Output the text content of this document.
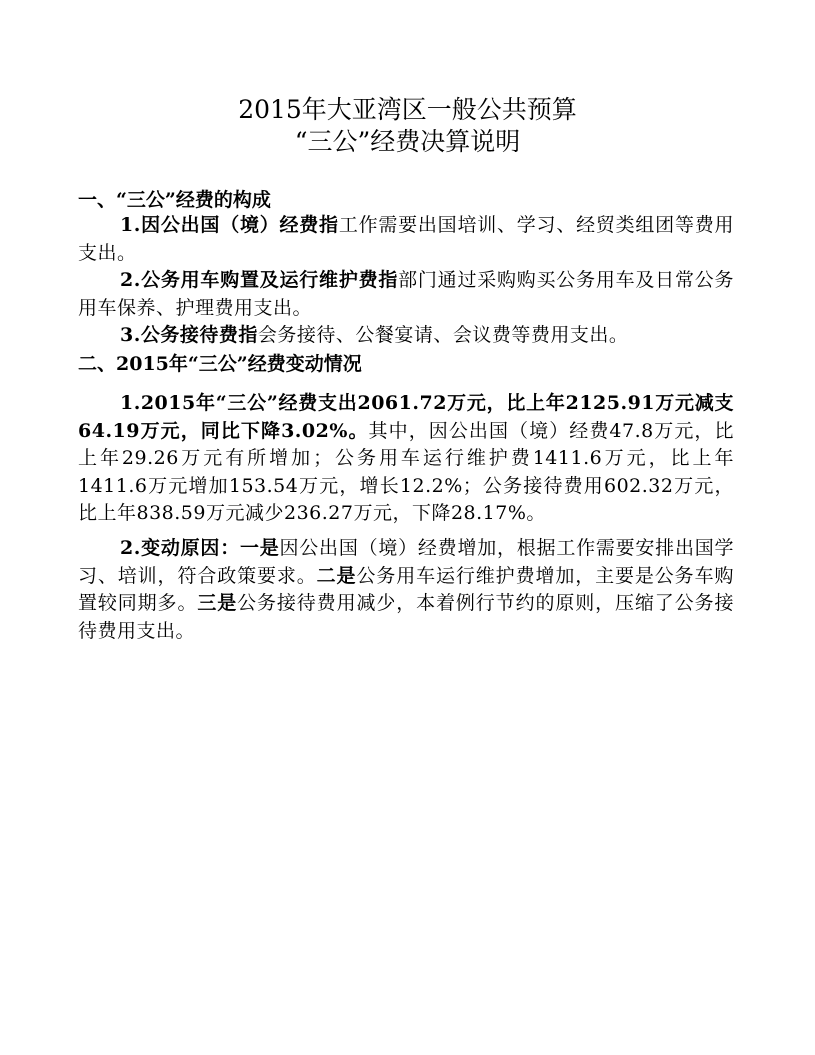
2015年大亚湾区一般公共预算
“三公”经费决算说明
一、“三公”经费的构成

1.因公出国（境）经费指工作需要出国培训、学习、经贸类组团等费用支出。

2.公务用车购置及运行维护费指部门通过采购购买公务用车及日常公务用车保养、护理费用支出。

3.公务接待费指会务接待、公餐宴请、会议费等费用支出。

二、2015年“三公”经费变动情况

1.2015年“三公”经费支出2061.72万元，比上年2125.91万元减支64.19万元，同比下降3.02%。其中，因公出国（境）经费47.8万元，比上年29.26万元有所增加；公务用车运行维护费1411.6万元，比上年1411.6万元增加153.54万元，增长12.2%；公务接待费用602.32万元，比上年838.59万元减少236.27万元，下降28.17%。

2.变动原因：一是因公出国（境）经费增加，根据工作需要安排出国学习、培训，符合政策要求。二是公务用车运行维护费增加，主要是公务车购置较同期多。三是公务接待费用减少，本着例行节约的原则，压缩了公务接待费用支出。
